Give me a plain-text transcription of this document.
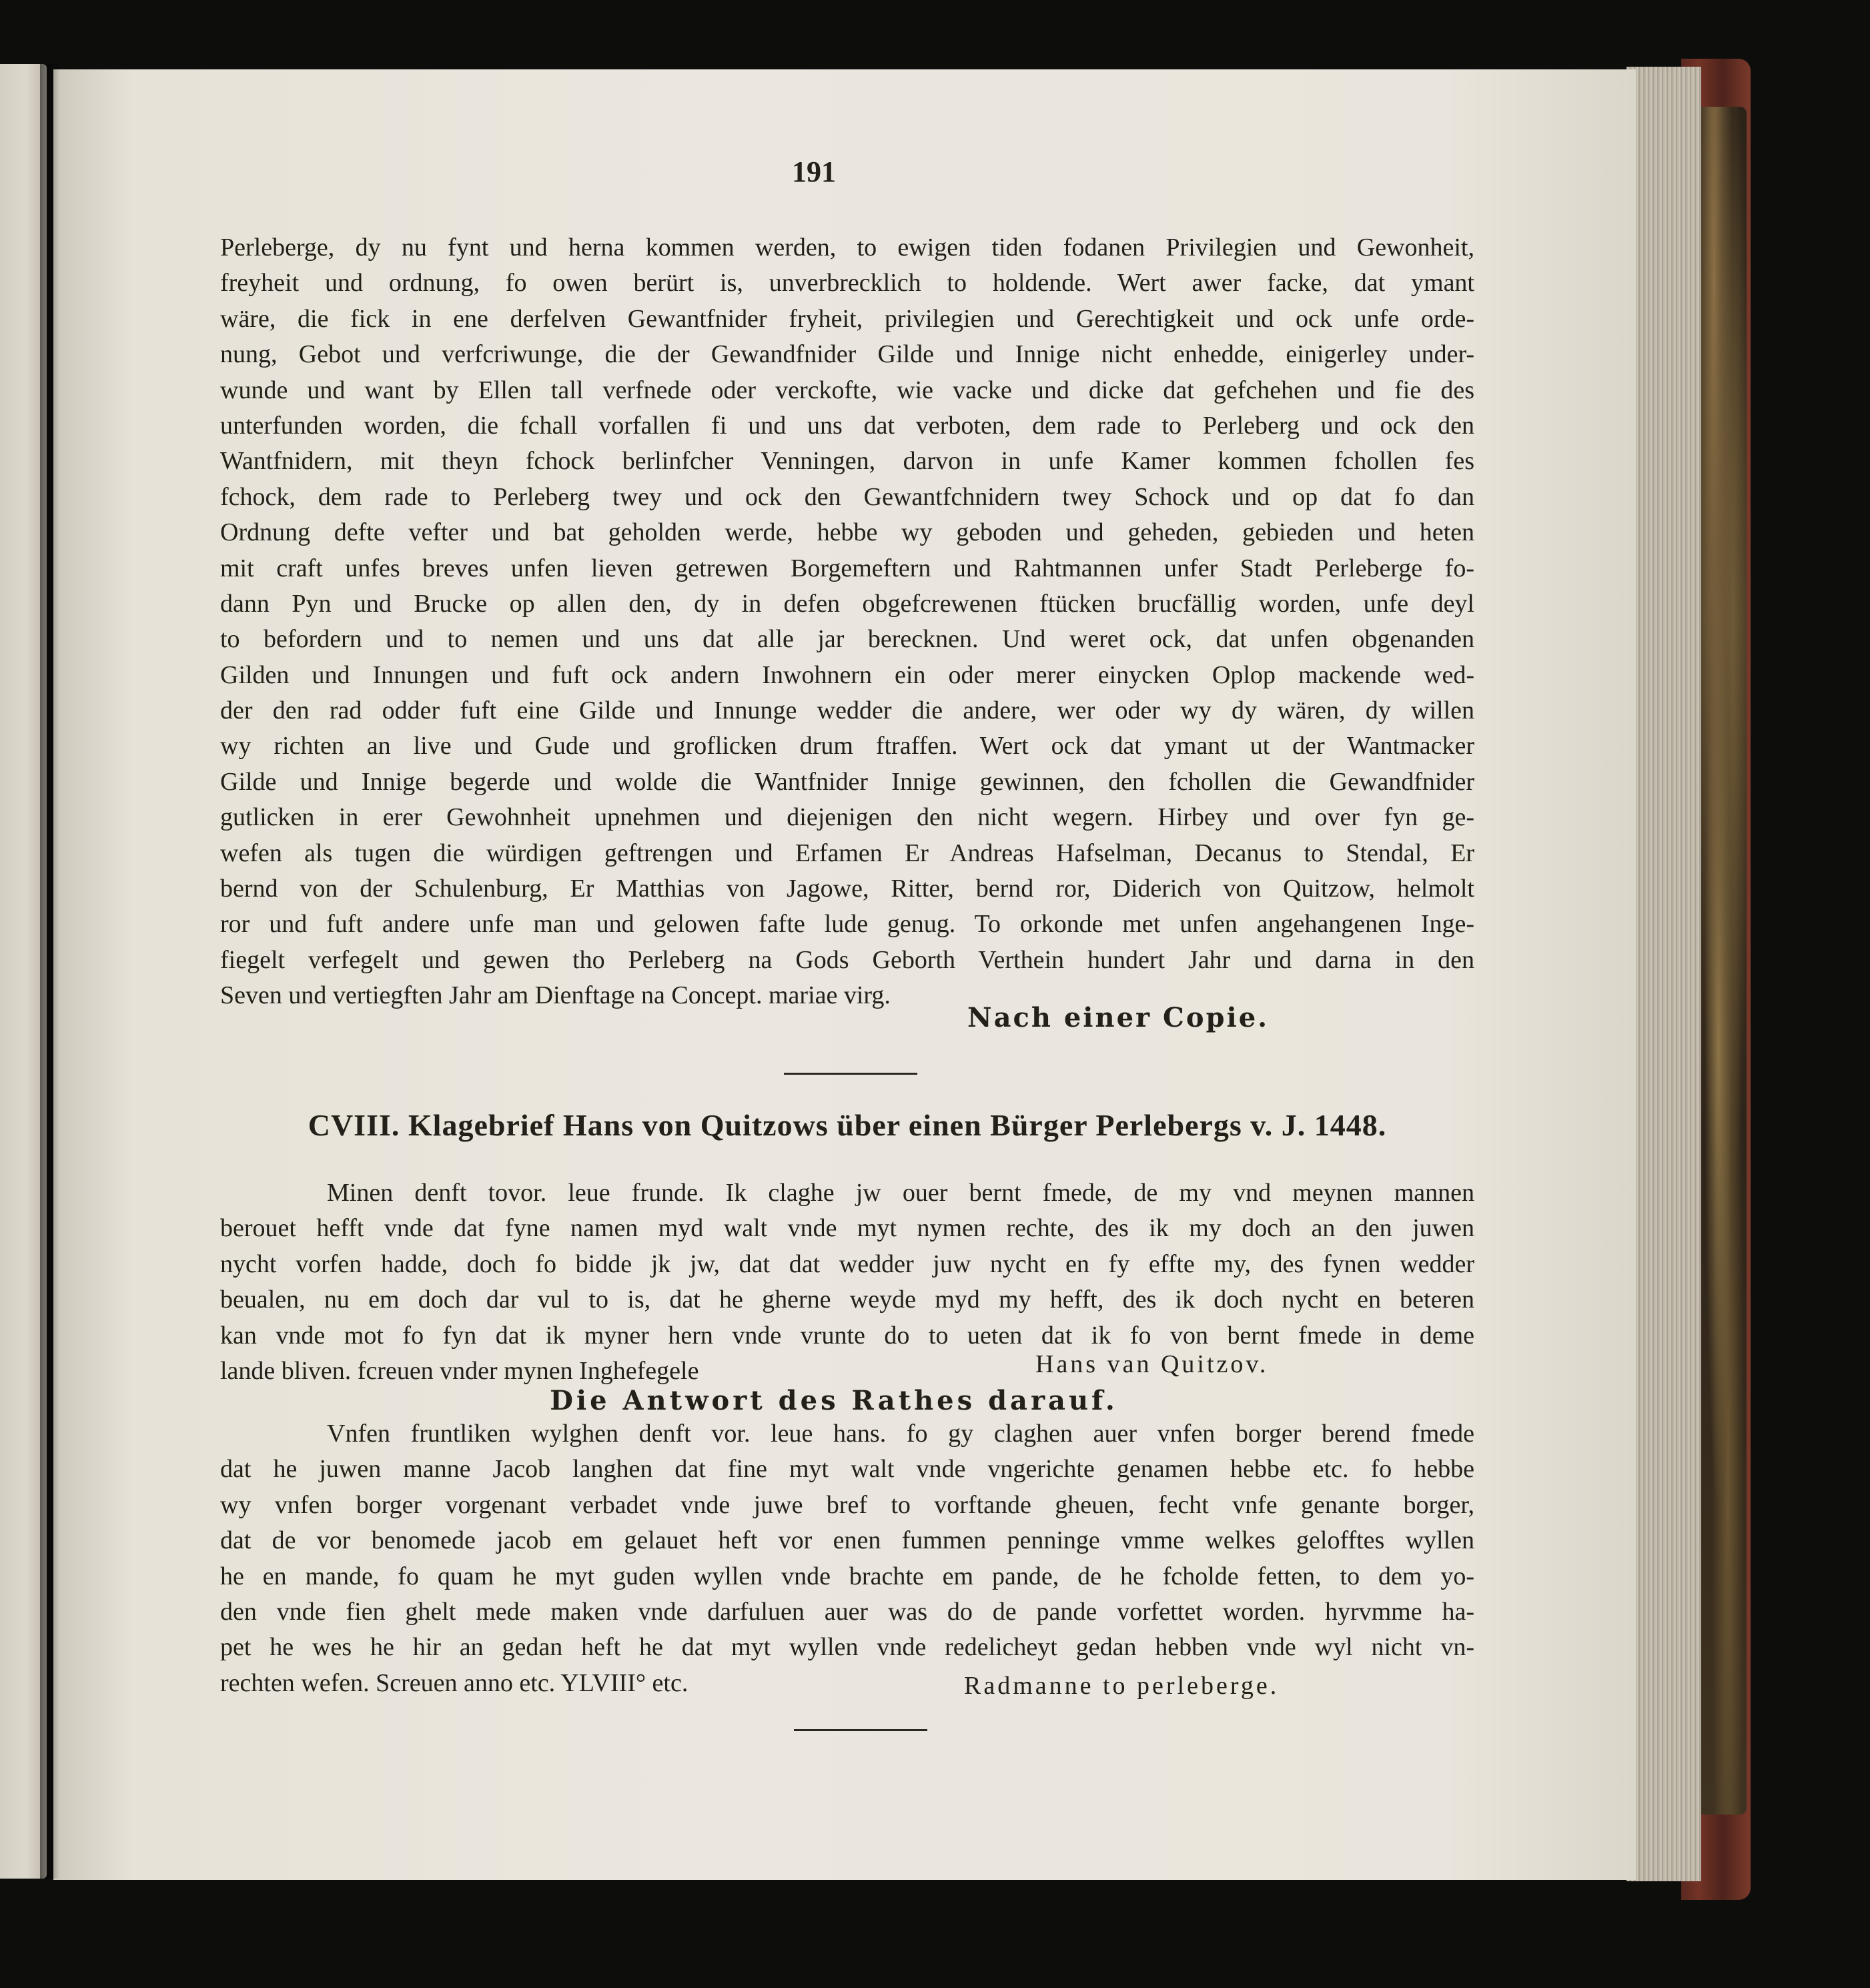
191
Perleberge, dy nu fynt und herna kommen werden, to ewigen tiden fodanen Privilegien und Gewonheit,
freyheit und ordnung, fo owen berürt is, unverbrecklich to holdende. Wert awer facke, dat ymant
wäre, die fick in ene derfelven Gewantfnider fryheit, privilegien und Gerechtigkeit und ock unfe orde-
nung, Gebot und verfcriwunge, die der Gewandfnider Gilde und Innige nicht enhedde, einigerley under-
wunde und want by Ellen tall verfnede oder verckofte, wie vacke und dicke dat gefchehen und fie des
unterfunden worden, die fchall vorfallen fi und uns dat verboten, dem rade to Perleberg und ock den
Wantfnidern, mit theyn fchock berlinfcher Venningen, darvon in unfe Kamer kommen fchollen fes
fchock, dem rade to Perleberg twey und ock den Gewantfchnidern twey Schock und op dat fo dan
Ordnung defte vefter und bat geholden werde, hebbe wy geboden und geheden, gebieden und heten
mit craft unfes breves unfen lieven getrewen Borgemeftern und Rahtmannen unfer Stadt Perleberge fo-
dann Pyn und Brucke op allen den, dy in defen obgefcrewenen ftücken brucfällig worden, unfe deyl
to befordern und to nemen und uns dat alle jar berecknen. Und weret ock, dat unfen obgenanden
Gilden und Innungen und fuft ock andern Inwohnern ein oder merer einycken Oplop mackende wed-
der den rad odder fuft eine Gilde und Innunge wedder die andere, wer oder wy dy wären, dy willen
wy richten an live und Gude und groflicken drum ftraffen. Wert ock dat ymant ut der Wantmacker
Gilde und Innige begerde und wolde die Wantfnider Innige gewinnen, den fchollen die Gewandfnider
gutlicken in erer Gewohnheit upnehmen und diejenigen den nicht wegern. Hirbey und over fyn ge-
wefen als tugen die würdigen geftrengen und Erfamen Er Andreas Hafselman, Decanus to Stendal, Er
bernd von der Schulenburg, Er Matthias von Jagowe, Ritter, bernd ror, Diderich von Quitzow, helmolt
ror und fuft andere unfe man und gelowen fafte lude genug. To orkonde met unfen angehangenen Inge-
fiegelt verfegelt und gewen tho Perleberg na Gods Geborth Verthein hundert Jahr und darna in den
Seven und vertiegften Jahr am Dienftage na Concept. mariae virg.
Nach einer Copie.
CVIII. Klagebrief Hans von Quitzows über einen Bürger Perlebergs v. J. 1448.
Minen denft tovor. leue frunde. Ik claghe jw ouer bernt fmede, de my vnd meynen mannen
berouet hefft vnde dat fyne namen myd walt vnde myt nymen rechte, des ik my doch an den juwen
nycht vorfen hadde, doch fo bidde jk jw, dat dat wedder juw nycht en fy effte my, des fynen wedder
beualen, nu em doch dar vul to is, dat he gherne weyde myd my hefft, des ik doch nycht en beteren
kan vnde mot fo fyn dat ik myner hern vnde vrunte do to ueten dat ik fo von bernt fmede in deme
lande bliven. fcreuen vnder mynen Inghefegele	Hans van Quitzov.
Die Antwort des Rathes darauf.
Vnfen fruntliken wylghen denft vor. leue hans. fo gy claghen auer vnfen borger berend fmede
dat he juwen manne Jacob langhen dat fine myt walt vnde vngerichte genamen hebbe etc. fo hebbe
wy vnfen borger vorgenant verbadet vnde juwe bref to vorftande gheuen, fecht vnfe genante borger,
dat de vor benomede jacob em gelauet heft vor enen fummen penninge vmme welkes gelofftes wyllen
he en mande, fo quam he myt guden wyllen vnde brachte em pande, de he fcholde fetten, to dem yo-
den vnde fien ghelt mede maken vnde darfuluen auer was do de pande vorfettet worden. hyrvmme ha-
pet he wes he hir an gedan heft he dat myt wyllen vnde redelicheyt gedan hebben vnde wyl nicht vn-
rechten wefen. Screuen anno etc. YLVIII° etc.	Radmanne to perleberge.
